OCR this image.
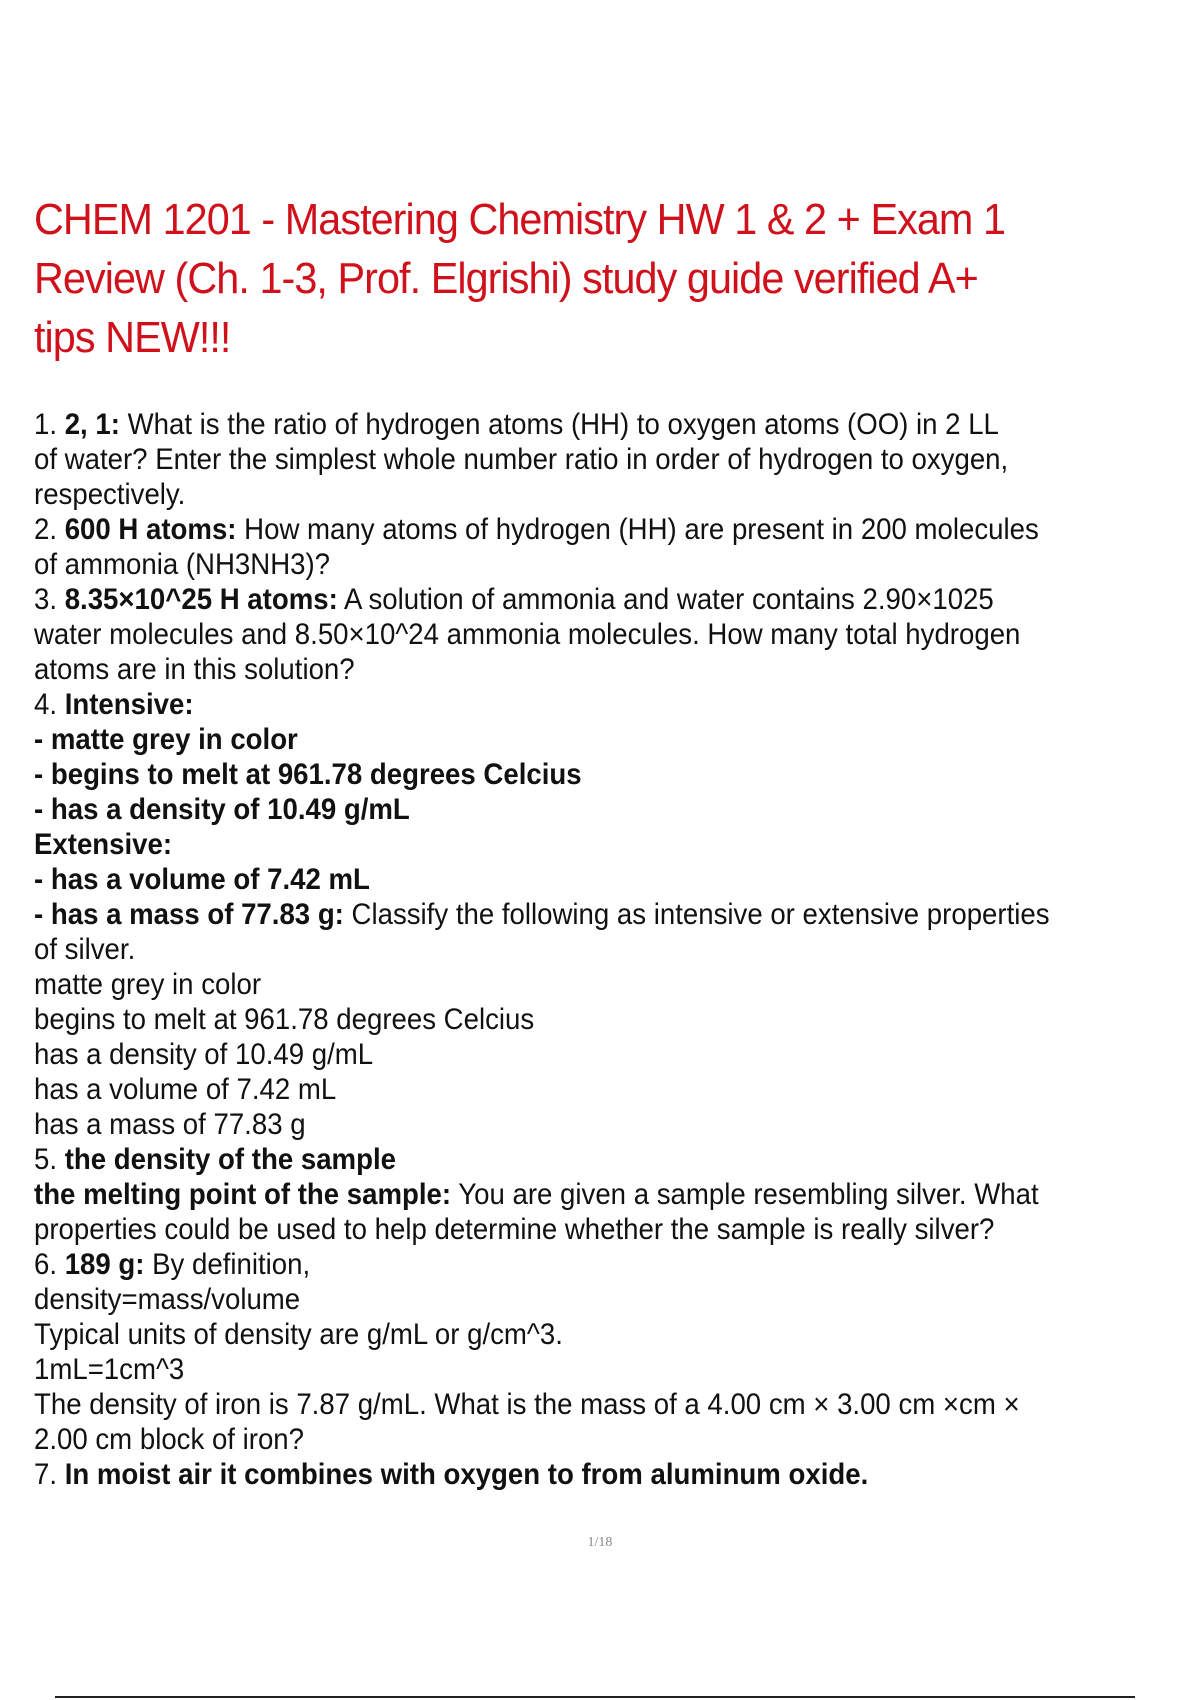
CHEM 1201 - Mastering Chemistry HW 1 & 2 + Exam 1
Review (Ch. 1-3, Prof. Elgrishi) study guide verified A+
tips NEW!!!
1. 2, 1: What is the ratio of hydrogen atoms (HH) to oxygen atoms (OO) in 2 LL
of water? Enter the simplest whole number ratio in order of hydrogen to oxygen,
respectively.
2. 600 H atoms: How many atoms of hydrogen (HH) are present in 200 molecules
of ammonia (NH3NH3)?
3. 8.35×10^25 H atoms: A solution of ammonia and water contains 2.90×1025
water molecules and 8.50×10^24 ammonia molecules. How many total hydrogen
atoms are in this solution?
4. Intensive:
- matte grey in color
- begins to melt at 961.78 degrees Celcius
- has a density of 10.49 g/mL
Extensive:
- has a volume of 7.42 mL
- has a mass of 77.83 g: Classify the following as intensive or extensive properties
of silver.
matte grey in color
begins to melt at 961.78 degrees Celcius
has a density of 10.49 g/mL
has a volume of 7.42 mL
has a mass of 77.83 g
5. the density of the sample
the melting point of the sample: You are given a sample resembling silver. What
properties could be used to help determine whether the sample is really silver?
6. 189 g: By definition,
density=mass/volume
Typical units of density are g/mL or g/cm^3.
1mL=1cm^3
The density of iron is 7.87 g/mL. What is the mass of a 4.00 cm × 3.00 cm ×cm ×
2.00 cm block of iron?
7. In moist air it combines with oxygen to from aluminum oxide.
1/18
